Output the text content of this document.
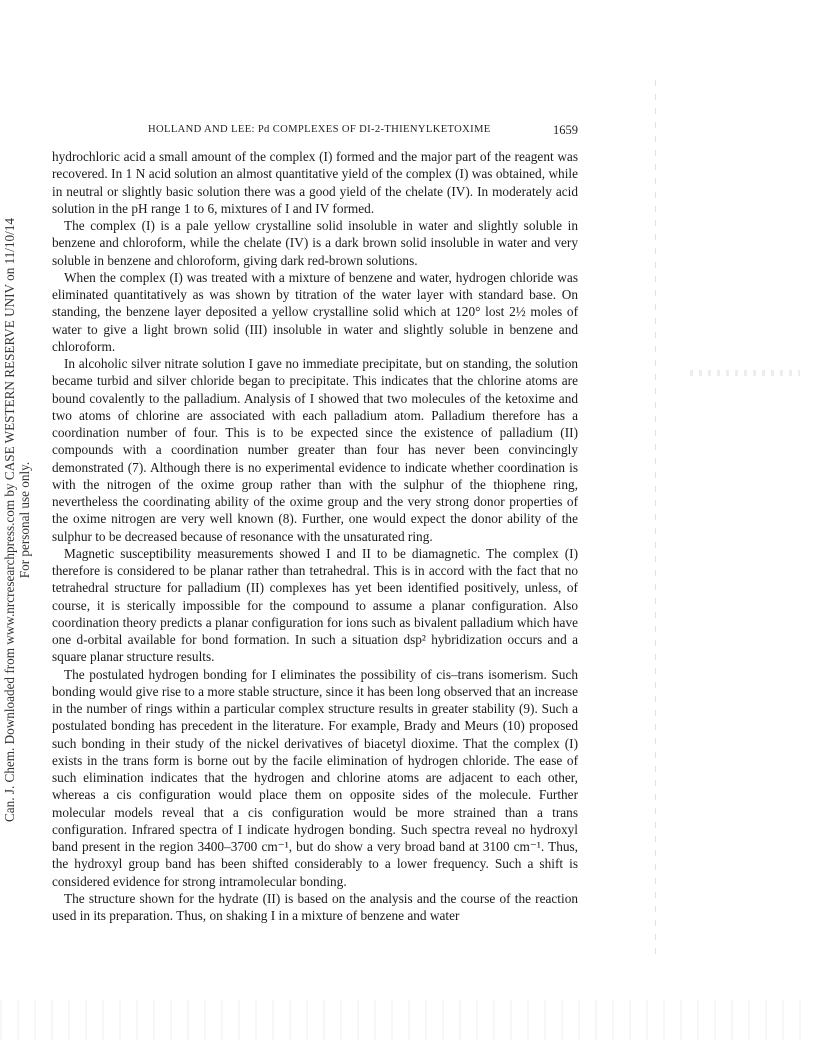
Can. J. Chem. Downloaded from www.nrcresearchpress.com by CASE WESTERN RESERVE UNIV on 11/10/14 For personal use only.
HOLLAND AND LEE: Pd COMPLEXES OF DI-2-THIENYLKETOXIME	1659

hydrochloric acid a small amount of the complex (I) formed and the major part of the reagent was recovered. In 1 N acid solution an almost quantitative yield of the complex (I) was obtained, while in neutral or slightly basic solution there was a good yield of the chelate (IV). In moderately acid solution in the pH range 1 to 6, mixtures of I and IV formed.

The complex (I) is a pale yellow crystalline solid insoluble in water and slightly soluble in benzene and chloroform, while the chelate (IV) is a dark brown solid insoluble in water and very soluble in benzene and chloroform, giving dark red-brown solutions.

When the complex (I) was treated with a mixture of benzene and water, hydrogen chloride was eliminated quantitatively as was shown by titration of the water layer with standard base. On standing, the benzene layer deposited a yellow crystalline solid which at 120° lost 2½ moles of water to give a light brown solid (III) insoluble in water and slightly soluble in benzene and chloroform.

In alcoholic silver nitrate solution I gave no immediate precipitate, but on standing, the solution became turbid and silver chloride began to precipitate. This indicates that the chlorine atoms are bound covalently to the palladium. Analysis of I showed that two molecules of the ketoxime and two atoms of chlorine are associated with each palladium atom. Palladium therefore has a coordination number of four. This is to be expected since the existence of palladium (II) compounds with a coordination number greater than four has never been convincingly demonstrated (7). Although there is no experimental evidence to indicate whether coordination is with the nitrogen of the oxime group rather than with the sulphur of the thiophene ring, nevertheless the coordinating ability of the oxime group and the very strong donor properties of the oxime nitrogen are very well known (8). Further, one would expect the donor ability of the sulphur to be decreased because of resonance with the unsaturated ring.

Magnetic susceptibility measurements showed I and II to be diamagnetic. The complex (I) therefore is considered to be planar rather than tetrahedral. This is in accord with the fact that no tetrahedral structure for palladium (II) complexes has yet been identified positively, unless, of course, it is sterically impossible for the compound to assume a planar configuration. Also coordination theory predicts a planar configuration for ions such as bivalent palladium which have one d-orbital available for bond formation. In such a situation dsp² hybridization occurs and a square planar structure results.

The postulated hydrogen bonding for I eliminates the possibility of cis–trans isomerism. Such bonding would give rise to a more stable structure, since it has been long observed that an increase in the number of rings within a particular complex structure results in greater stability (9). Such a postulated bonding has precedent in the literature. For example, Brady and Meurs (10) proposed such bonding in their study of the nickel derivatives of biacetyl dioxime. That the complex (I) exists in the trans form is borne out by the facile elimination of hydrogen chloride. The ease of such elimination indicates that the hydrogen and chlorine atoms are adjacent to each other, whereas a cis configuration would place them on opposite sides of the molecule. Further molecular models reveal that a cis configuration would be more strained than a trans configuration. Infrared spectra of I indicate hydrogen bonding. Such spectra reveal no hydroxyl band present in the region 3400–3700 cm⁻¹, but do show a very broad band at 3100 cm⁻¹. Thus, the hydroxyl group band has been shifted considerably to a lower frequency. Such a shift is considered evidence for strong intramolecular bonding.

The structure shown for the hydrate (II) is based on the analysis and the course of the reaction used in its preparation. Thus, on shaking I in a mixture of benzene and water
